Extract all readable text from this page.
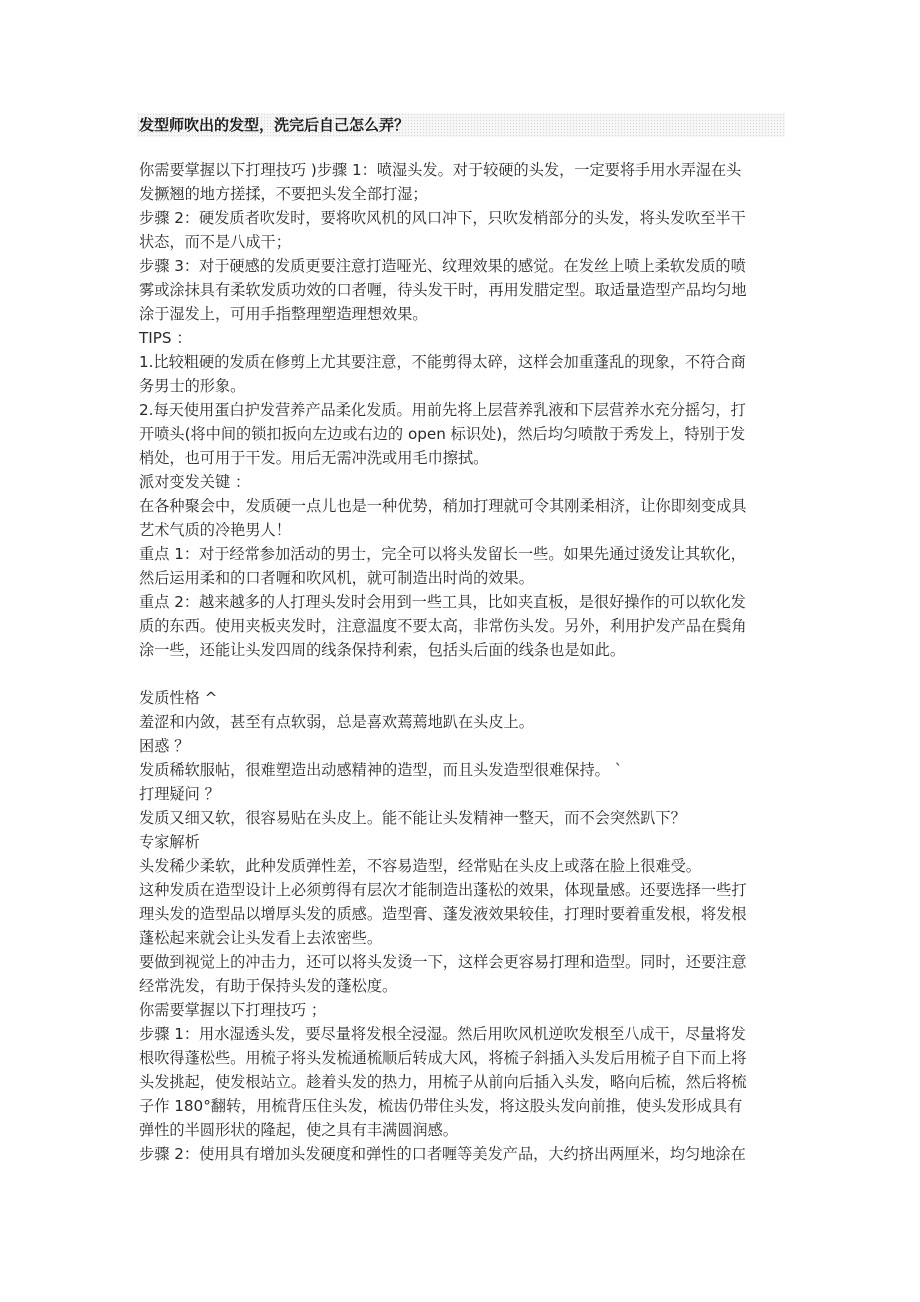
发型师吹出的发型，洗完后自己怎么弄？
你需要掌握以下打理技巧 )步骤 1：喷湿头发。对于较硬的头发，一定要将手用水弄湿在头
发撅翘的地方搓揉，不要把头发全部打湿；
步骤 2：硬发质者吹发时，要将吹风机的风口冲下，只吹发梢部分的头发，将头发吹至半干
状态，而不是八成干；
步骤 3：对于硬感的发质更要注意打造哑光、纹理效果的感觉。在发丝上喷上柔软发质的喷
雾或涂抹具有柔软发质功效的口者喱，待头发干时，再用发腊定型。取适量造型产品均匀地
涂于湿发上，可用手指整理塑造理想效果。
TIPS ：
1.比较粗硬的发质在修剪上尤其要注意，不能剪得太碎，这样会加重蓬乱的现象，不符合商
务男士的形象。
2.每天使用蛋白护发营养产品柔化发质。用前先将上层营养乳液和下层营养水充分摇匀，打
开喷头(将中间的锁扣扳向左边或右边的 open 标识处)，然后均匀喷散于秀发上，特别于发
梢处，也可用于干发。用后无需冲洗或用毛巾擦拭。
派对变发关键 ：
在各种聚会中，发质硬一点儿也是一种优势，稍加打理就可令其刚柔相济，让你即刻变成具
艺术气质的冷艳男人！
重点 1：对于经常参加活动的男士，完全可以将头发留长一些。如果先通过烫发让其软化，
然后运用柔和的口者喱和吹风机，就可制造出时尚的效果。
重点 2：越来越多的人打理头发时会用到一些工具，比如夹直板，是很好操作的可以软化发
质的东西。使用夹板夹发时，注意温度不要太高，非常伤头发。另外，利用护发产品在鬓角
涂一些，还能让头发四周的线条保持利索，包括头后面的线条也是如此。
发质性格 ^
羞涩和内敛，甚至有点软弱，总是喜欢蔫蔫地趴在头皮上。
困惑 ？
发质稀软服帖，很难塑造出动感精神的造型，而且头发造型很难保持。 `
打理疑问 ？
发质又细又软，很容易贴在头皮上。能不能让头发精神一整天，而不会突然趴下？
专家解析
头发稀少柔软，此种发质弹性差，不容易造型，经常贴在头皮上或落在脸上很难受。
这种发质在造型设计上必须剪得有层次才能制造出蓬松的效果，体现量感。还要选择一些打
理头发的造型品以增厚头发的质感。造型膏、蓬发液效果较佳，打理时要着重发根，将发根
蓬松起来就会让头发看上去浓密些。
要做到视觉上的冲击力，还可以将头发烫一下，这样会更容易打理和造型。同时，还要注意
经常洗发，有助于保持头发的蓬松度。
你需要掌握以下打理技巧 ；
步骤 1：用水湿透头发，要尽量将发根全浸湿。然后用吹风机逆吹发根至八成干，尽量将发
根吹得蓬松些。用梳子将头发梳通梳顺后转成大风，将梳子斜插入头发后用梳子自下而上将
头发挑起，使发根站立。趁着头发的热力，用梳子从前向后插入头发，略向后梳，然后将梳
子作 180°翻转，用梳背压住头发，梳齿仍带住头发，将这股头发向前推，使头发形成具有
弹性的半圆形状的隆起，使之具有丰满圆润感。
步骤 2：使用具有增加头发硬度和弹性的口者喱等美发产品，大约挤出两厘米，均匀地涂在
